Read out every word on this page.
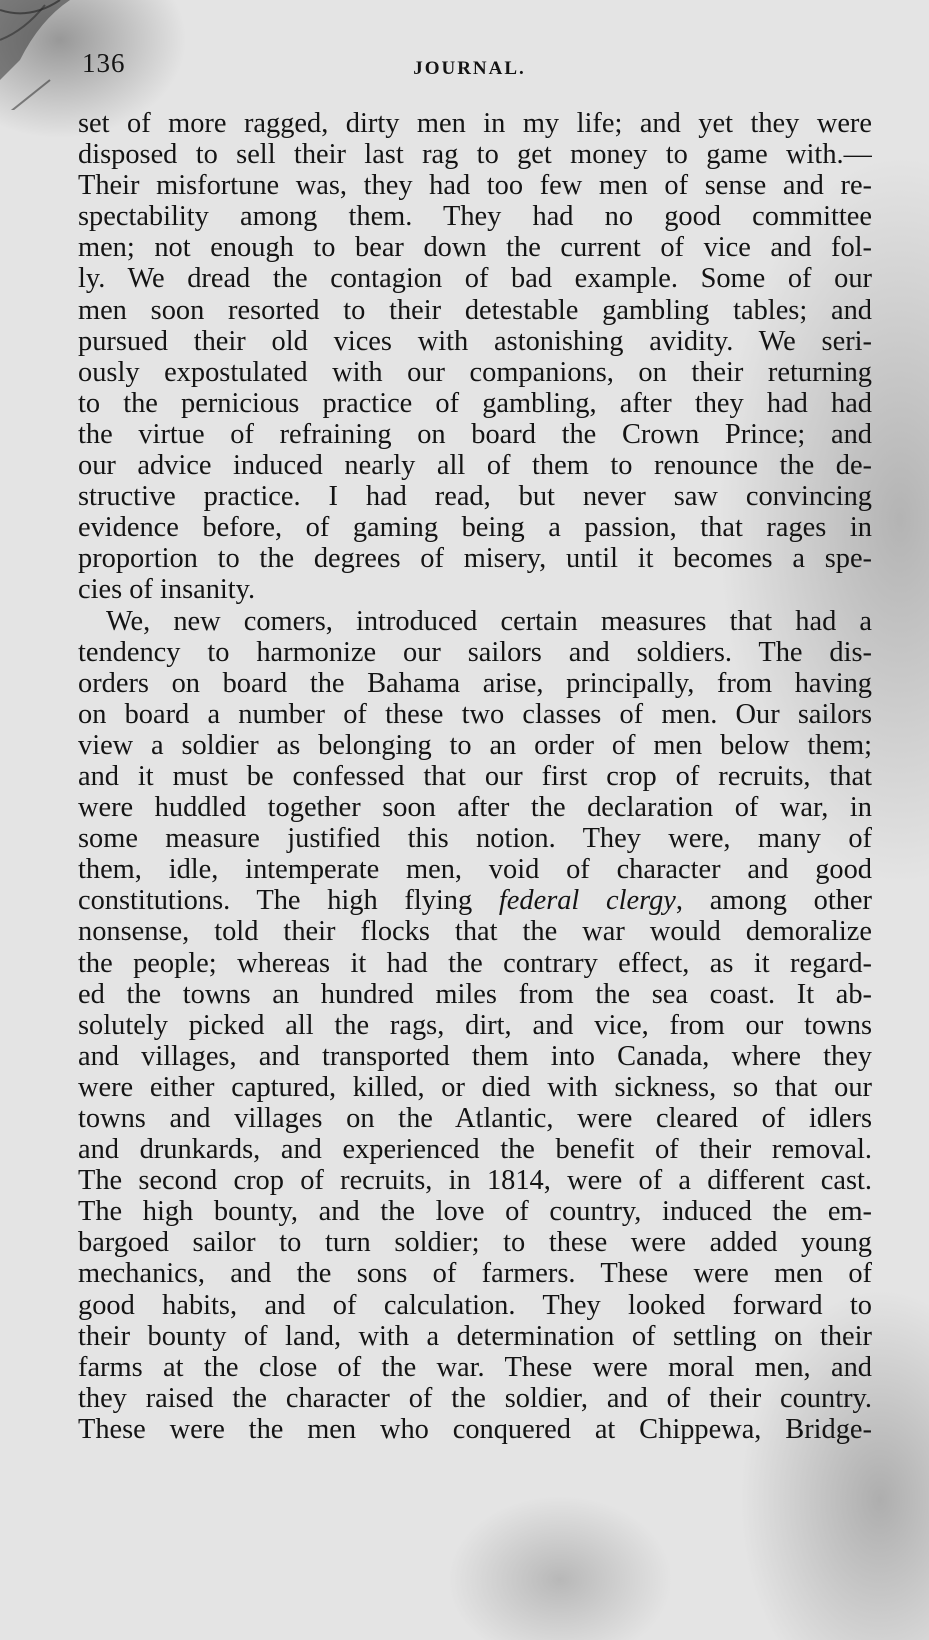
136	JOURNAL.
set of more ragged, dirty men in my life; and yet they were
disposed to sell their last rag to get money to game with.—
Their misfortune was, they had too few men of sense and re-
spectability among them. They had no good committee
men; not enough to bear down the current of vice and fol-
ly. We dread the contagion of bad example. Some of our
men soon resorted to their detestable gambling tables; and
pursued their old vices with astonishing avidity. We seri-
ously expostulated with our companions, on their returning
to the pernicious practice of gambling, after they had had
the virtue of refraining on board the Crown Prince; and
our advice induced nearly all of them to renounce the de-
structive practice. I had read, but never saw convincing
evidence before, of gaming being a passion, that rages in
proportion to the degrees of misery, until it becomes a spe-
cies of insanity.
We, new comers, introduced certain measures that had a
tendency to harmonize our sailors and soldiers. The dis-
orders on board the Bahama arise, principally, from having
on board a number of these two classes of men. Our sailors
view a soldier as belonging to an order of men below them;
and it must be confessed that our first crop of recruits, that
were huddled together soon after the declaration of war, in
some measure justified this notion. They were, many of
them, idle, intemperate men, void of character and good
constitutions. The high flying federal clergy, among other
nonsense, told their flocks that the war would demoralize
the people; whereas it had the contrary effect, as it regard-
ed the towns an hundred miles from the sea coast. It ab-
solutely picked all the rags, dirt, and vice, from our towns
and villages, and transported them into Canada, where they
were either captured, killed, or died with sickness, so that our
towns and villages on the Atlantic, were cleared of idlers
and drunkards, and experienced the benefit of their removal.
The second crop of recruits, in 1814, were of a different cast.
The high bounty, and the love of country, induced the em-
bargoed sailor to turn soldier; to these were added young
mechanics, and the sons of farmers. These were men of
good habits, and of calculation. They looked forward to
their bounty of land, with a determination of settling on their
farms at the close of the war. These were moral men, and
they raised the character of the soldier, and of their country.
These were the men who conquered at Chippewa, Bridge-
